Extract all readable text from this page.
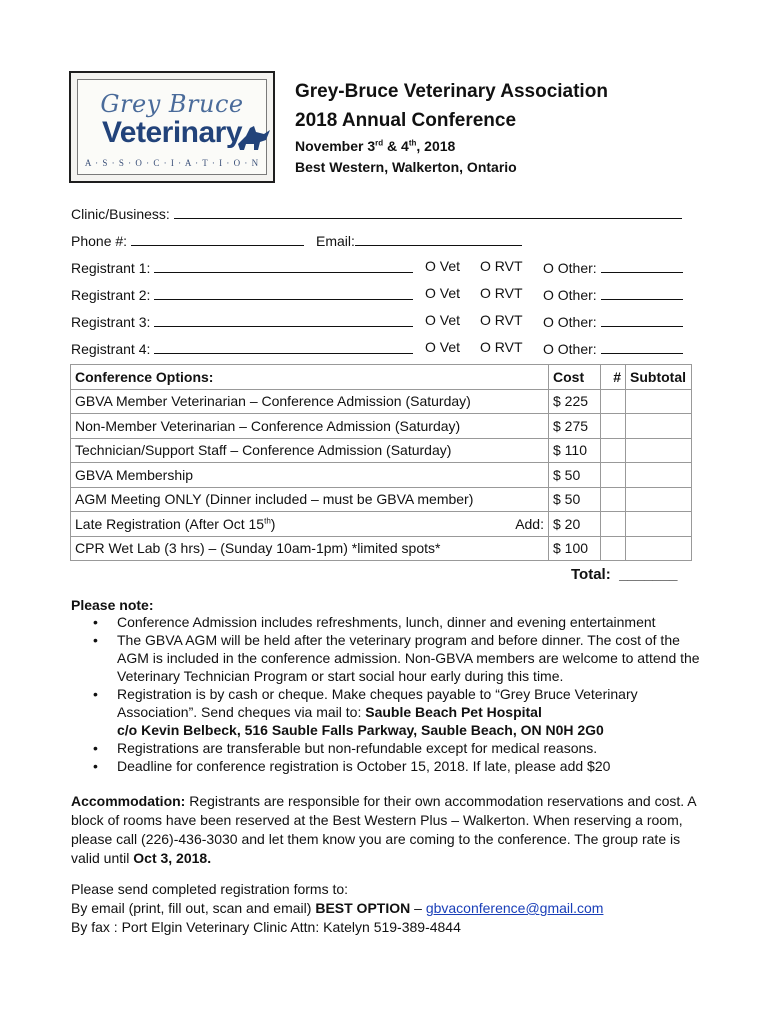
Grey Bruce
Veterinary
A · S · S · O · C · I · A · T · I · O · N
Grey-Bruce Veterinary Association
2018 Annual Conference
November 3rd & 4th, 2018
Best Western, Walkerton, Ontario
Clinic/Business:
Phone #:	Email:
Registrant 1:	O Vet O RVT O Other:
Registrant 2:	O Vet O RVT O Other:
Registrant 3:	O Vet O RVT O Other:
Registrant 4:	O Vet O RVT O Other:
Conference Options:	Cost	#	Subtotal
GBVA Member Veterinarian – Conference Admission (Saturday)	$ 225		
Non-Member Veterinarian – Conference Admission (Saturday)	$ 275		
Technician/Support Staff – Conference Admission (Saturday)	$ 110		
GBVA Membership	$ 50		
AGM Meeting ONLY (Dinner included – must be GBVA member)	$ 50		
Late Registration (After Oct 15th) Add:	$ 20		
CPR Wet Lab (3 hrs) – (Sunday 10am-1pm) *limited spots*	$ 100		
Total: _______
Please note:
• Conference Admission includes refreshments, lunch, dinner and evening entertainment
• The GBVA AGM will be held after the veterinary program and before dinner. The cost of the AGM is included in the conference admission. Non-GBVA members are welcome to attend the Veterinary Technician Program or start social hour early during this time.
• Registration is by cash or cheque. Make cheques payable to “Grey Bruce Veterinary Association”. Send cheques via mail to: Sauble Beach Pet Hospital
c/o Kevin Belbeck, 516 Sauble Falls Parkway, Sauble Beach, ON N0H 2G0
• Registrations are transferable but non-refundable except for medical reasons.
• Deadline for conference registration is October 15, 2018. If late, please add $20
Accommodation: Registrants are responsible for their own accommodation reservations and cost. A block of rooms have been reserved at the Best Western Plus – Walkerton. When reserving a room, please call (226)-436-3030 and let them know you are coming to the conference. The group rate is valid until Oct 3, 2018.
Please send completed registration forms to:
By email (print, fill out, scan and email) BEST OPTION – gbvaconference@gmail.com
By fax : Port Elgin Veterinary Clinic Attn: Katelyn 519-389-4844
